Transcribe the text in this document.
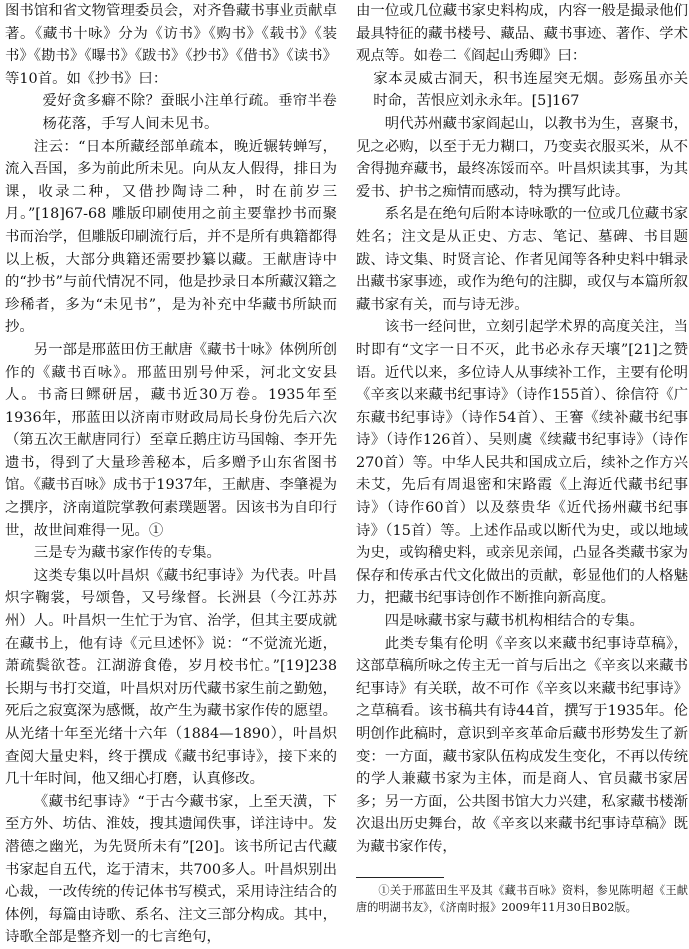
图书馆和省文物管理委员会，对齐鲁藏书事业贡献卓著。《藏书十咏》分为《访书》《购书》《载书》《装书》《勘书》《曝书》《跋书》《抄书》《借书》《读书》等10首。如《抄书》曰：

爱好贪多癖不除？蚕眠小注单行疏。垂帘半卷杨花落，手写人间未见书。

注云：“日本所藏经部单疏本，晚近辗转蝉写，流入吾国，多为前此所未见。向从友人假得，排日为课，收录二种，又借抄陶诗二种，时在前岁三月。”[18]67-68 雕版印刷使用之前主要靠抄书而聚书而治学，但雕版印刷流行后，并不是所有典籍都得以上板，大部分典籍还需要抄纂以藏。王献唐诗中的“抄书”与前代情况不同，他是抄录日本所藏汉籍之珍稀者，多为“未见书”，是为补充中华藏书所缺而抄。

另一部是邢蓝田仿王献唐《藏书十咏》体例所创作的《藏书百咏》。邢蓝田别号仲采，河北文安县人。书斋曰鳏研居，藏书近30万卷。1935年至1936年，邢蓝田以济南市财政局局长身份先后六次（第五次王献唐同行）至章丘鹅庄访马国翰、李开先遗书，得到了大量珍善秘本，后多赠予山东省图书馆。《藏书百咏》成书于1937年，王献唐、李肇褆为之撰序，济南道院掌教何素璞题署。因该书为自印行世，故世间难得一见。①

三是专为藏书家作传的专集。

这类专集以叶昌炽《藏书纪事诗》为代表。叶昌炽字鞠裳，号颂鲁，又号缘督。长洲县（今江苏苏州）人。叶昌炽一生忙于为官、治学，但其主要成就在藏书上，他有诗《元旦述怀》说：“不觉流光逝，萧疏鬓欲苍。江湖游食倦，岁月校书忙。”[19]238 长期与书打交道，叶昌炽对历代藏书家生前之勤勉，死后之寂寞深为感慨，故产生为藏书家作传的愿望。从光绪十年至光绪十六年（1884—1890），叶昌炽查阅大量史料，终于撰成《藏书纪事诗》，接下来的几十年时间，他又细心打磨，认真修改。

《藏书纪事诗》“于古今藏书家，上至天潢，下至方外、坊估、淮妓，搜其遗闻佚事，详注诗中。发潜德之幽光，为先贤所未有”[20]。该书所记古代藏书家起自五代，迄于清末，共700多人。叶昌炽别出心裁，一改传统的传记体书写模式，采用诗注结合的体例，每篇由诗歌、系名、注文三部分构成。其中，诗歌全部是整齐划一的七言绝句，

由一位或几位藏书家史料构成，内容一般是撮录他们最具特征的藏书楼号、藏品、藏书事迹、著作、学术观点等。如卷二《阎起山秀卿》曰：

家本灵威古洞天，积书连屋突无烟。彭殇虽亦关时命，苦恨应刘永永年。[5]167

明代苏州藏书家阎起山，以教书为生，喜聚书，见之必购，以至于无力糊口，乃变卖衣服买米，从不舍得抛弃藏书，最终冻馁而卒。叶昌炽读其事，为其爱书、护书之痴情而感动，特为撰写此诗。

系名是在绝句后附本诗咏歌的一位或几位藏书家姓名；注文是从正史、方志、笔记、墓碑、书目题跋、诗文集、时贤言论、作者见闻等各种史料中辑录出藏书家事迹，或作为绝句的注脚，或仅与本篇所叙藏书家有关，而与诗无涉。

该书一经问世，立刻引起学术界的高度关注，当时即有“文字一日不灭，此书必永存天壤”[21]之赞语。近代以来，多位诗人从事续补工作，主要有伦明《辛亥以来藏书纪事诗》（诗作155首）、徐信符《广东藏书纪事诗》（诗作54首）、王謇《续补藏书纪事诗》（诗作126首）、吴则虞《续藏书纪事诗》（诗作270首）等。中华人民共和国成立后，续补之作方兴未艾，先后有周退密和宋路霞《上海近代藏书纪事诗》（诗作60首）以及蔡贵华《近代扬州藏书纪事诗》（15首）等。上述作品或以断代为史，或以地域为史，或钩稽史料，或亲见亲闻，凸显各类藏书家为保存和传承古代文化做出的贡献，彰显他们的人格魅力，把藏书纪事诗创作不断推向新高度。

四是咏藏书家与藏书机构相结合的专集。

此类专集有伦明《辛亥以来藏书纪事诗草稿》，这部草稿所咏之传主无一首与后出之《辛亥以来藏书纪事诗》有关联，故不可作《辛亥以来藏书纪事诗》之草稿看。该书稿共有诗44首，撰写于1935年。伦明创作此稿时，意识到辛亥革命后藏书形势发生了新变：一方面，藏书家队伍构成发生变化，不再以传统的学人兼藏书家为主体，而是商人、官员藏书家居多；另一方面，公共图书馆大力兴建，私家藏书楼渐次退出历史舞台，故《辛亥以来藏书纪事诗草稿》既为藏书家作传，

①关于邢蓝田生平及其《藏书百咏》资料，参见陈明超《王献唐的明湖书友》，《济南时报》2009年11月30日B02版。
